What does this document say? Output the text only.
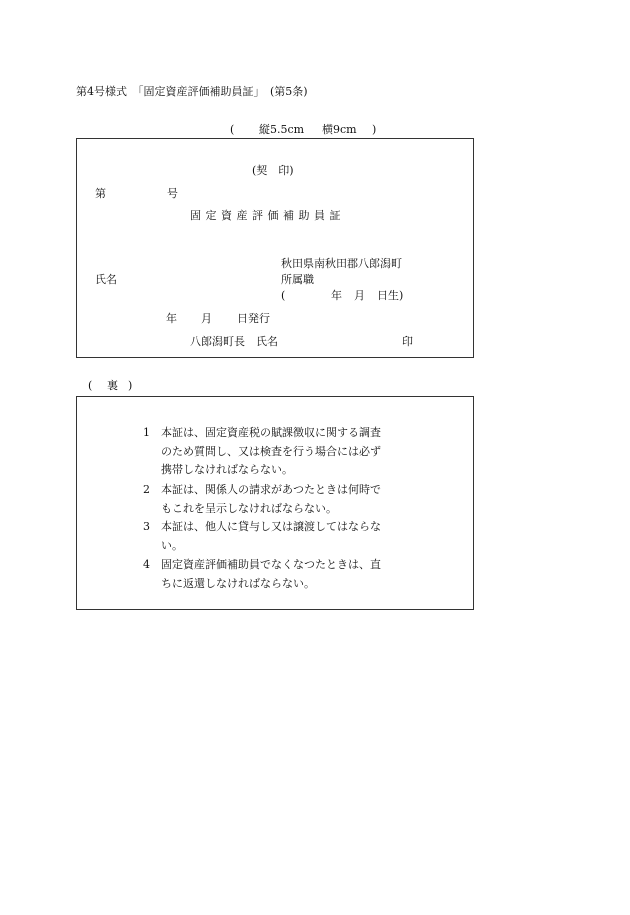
第4号様式　「固定資産評価補助員証」　(第5条)
( 縦5.5cm 横9cm )
(契　印)
第	号
固 定 資 産 評 価 補 助 員 証
秋田県南秋田郡八郎潟町
氏名	所属職
(	年 月 日生)
年 月 日発行
八郎潟町長　氏名	印
( 裏 )
1	本証は、固定資産税の賦課徴収に関する調査
のため質問し、又は検査を行う場合には必ず
携帯しなければならない。
2	本証は、関係人の請求があつたときは何時で
もこれを呈示しなければならない。
3	本証は、他人に貸与し又は譲渡してはならな
い。
4	固定資産評価補助員でなくなつたときは、直
ちに返還しなければならない。
